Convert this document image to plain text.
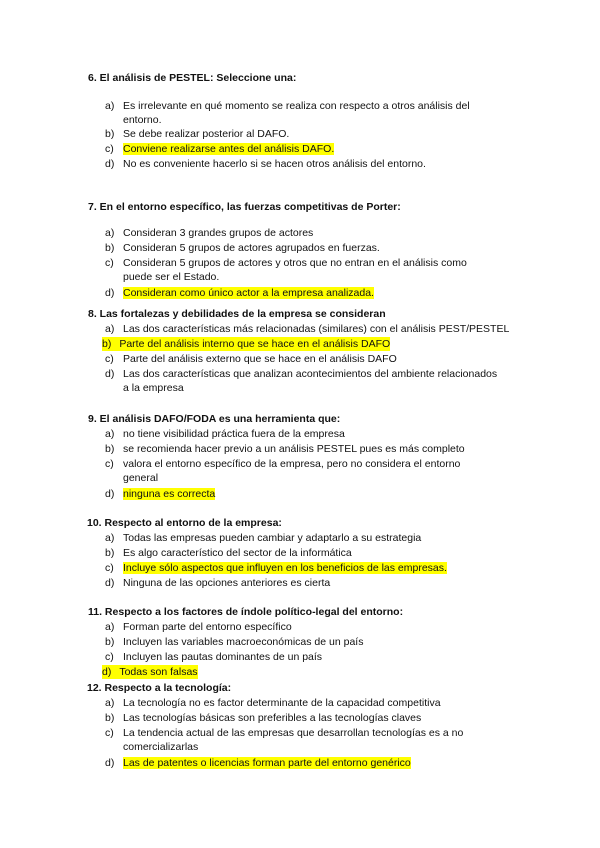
6. El análisis de PESTEL: Seleccione una:
a) Es irrelevante en qué momento se realiza con respecto a otros análisis del entorno.
b) Se debe realizar posterior al DAFO.
c) Conviene realizarse antes del análisis DAFO.
d) No es conveniente hacerlo si se hacen otros análisis del entorno.
7. En el entorno específico, las fuerzas competitivas de Porter:
a) Consideran 3 grandes grupos de actores
b) Consideran 5 grupos de actores agrupados en fuerzas.
c) Consideran 5 grupos de actores y otros que no entran en el análisis como puede ser el Estado.
d) Consideran como único actor a la empresa analizada.
8. Las fortalezas y debilidades de la empresa se consideran
a) Las dos características más relacionadas (similares) con el análisis PEST/PESTEL
b) Parte del análisis interno que se hace en el análisis DAFO
c) Parte del análisis externo que se hace en el análisis DAFO
d) Las dos características que analizan acontecimientos del ambiente relacionados a la empresa
9. El análisis DAFO/FODA es una herramienta que:
a) no tiene visibilidad práctica fuera de la empresa
b) se recomienda hacer previo a un análisis PESTEL pues es más completo
c) valora el entorno específico de la empresa, pero no considera el entorno general
d) ninguna es correcta
10. Respecto al entorno de la empresa:
a) Todas las empresas pueden cambiar y adaptarlo a su estrategia
b) Es algo característico del sector de la informática
c) Incluye sólo aspectos que influyen en los beneficios de las empresas.
d) Ninguna de las opciones anteriores es cierta
11. Respecto a los factores de índole político-legal del entorno:
a) Forman parte del entorno específico
b) Incluyen las variables macroeconómicas de un país
c) Incluyen las pautas dominantes de un país
d) Todas son falsas
12. Respecto a la tecnología:
a) La tecnología no es factor determinante de la capacidad competitiva
b) Las tecnologías básicas son preferibles a las tecnologías claves
c) La tendencia actual de las empresas que desarrollan tecnologías es a no comercializarlas
d) Las de patentes o licencias forman parte del entorno genérico
